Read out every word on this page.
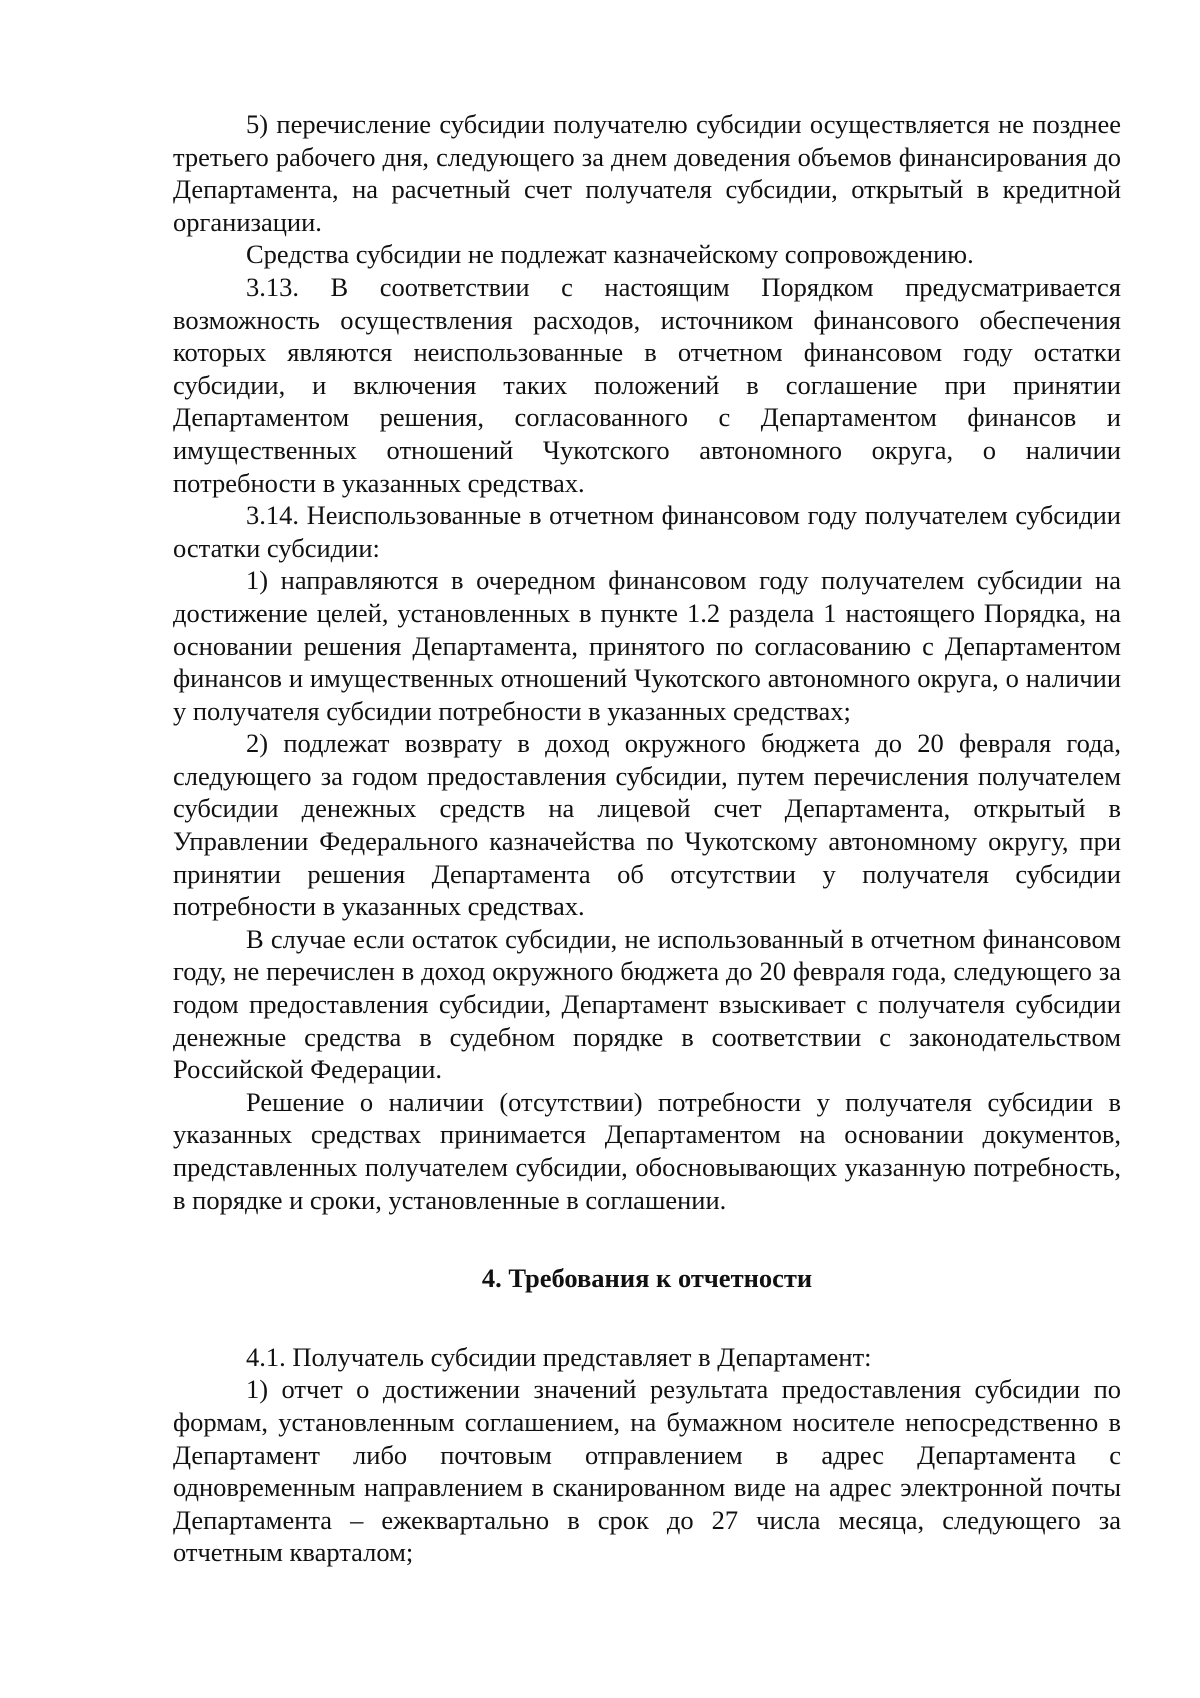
5) перечисление субсидии получателю субсидии осуществляется не позднее третьего рабочего дня, следующего за днем доведения объемов финансирования до Департамента, на расчетный счет получателя субсидии, открытый в кредитной организации.

Средства субсидии не подлежат казначейскому сопровождению.

3.13. В соответствии с настоящим Порядком предусматривается возможность осуществления расходов, источником финансового обеспечения которых являются неиспользованные в отчетном финансовом году остатки субсидии, и включения таких положений в соглашение при принятии Департаментом решения, согласованного с Департаментом финансов и имущественных отношений Чукотского автономного округа, о наличии потребности в указанных средствах.

3.14. Неиспользованные в отчетном финансовом году получателем субсидии остатки субсидии:

1) направляются в очередном финансовом году получателем субсидии на достижение целей, установленных в пункте 1.2 раздела 1 настоящего Порядка, на основании решения Департамента, принятого по согласованию с Департаментом финансов и имущественных отношений Чукотского автономного округа, о наличии у получателя субсидии потребности в указанных средствах;

2) подлежат возврату в доход окружного бюджета до 20 февраля года, следующего за годом предоставления субсидии, путем перечисления получателем субсидии денежных средств на лицевой счет Департамента, открытый в Управлении Федерального казначейства по Чукотскому автономному округу, при принятии решения Департамента об отсутствии у получателя субсидии потребности в указанных средствах.

В случае если остаток субсидии, не использованный в отчетном финансовом году, не перечислен в доход окружного бюджета до 20 февраля года, следующего за годом предоставления субсидии, Департамент взыскивает с получателя субсидии денежные средства в судебном порядке в соответствии с законодательством Российской Федерации.

Решение о наличии (отсутствии) потребности у получателя субсидии в указанных средствах принимается Департаментом на основании документов, представленных получателем субсидии, обосновывающих указанную потребность, в порядке и сроки, установленные в соглашении.

4. Требования к отчетности

4.1. Получатель субсидии представляет в Департамент:

1) отчет о достижении значений результата предоставления субсидии по формам, установленным соглашением, на бумажном носителе непосредственно в Департамент либо почтовым отправлением в адрес Департамента с одновременным направлением в сканированном виде на адрес электронной почты Департамента – ежеквартально в срок до 27 числа месяца, следующего за отчетным кварталом;
